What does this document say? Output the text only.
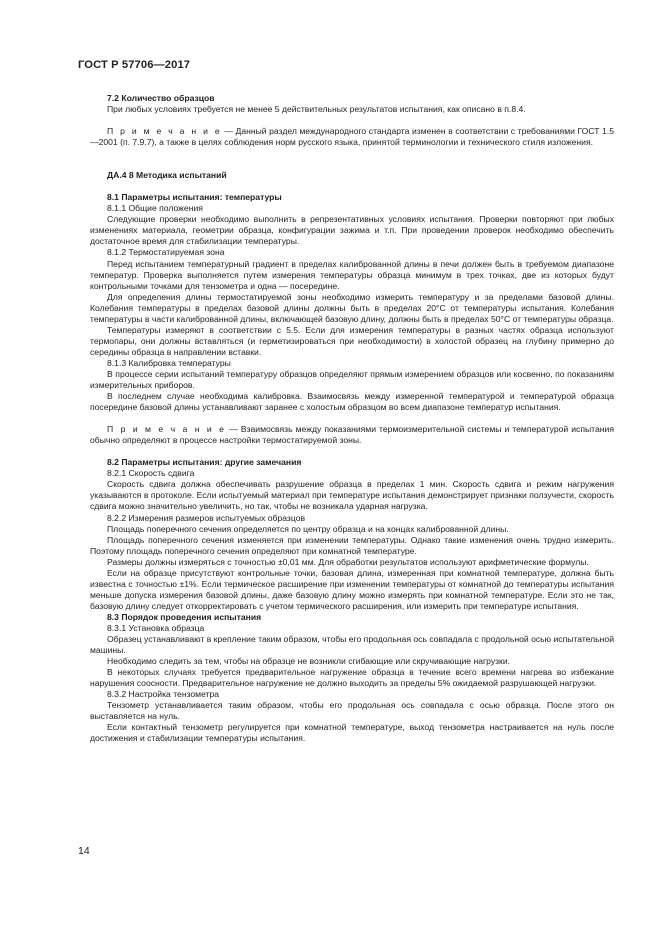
ГОСТ Р 57706—2017

7.2 Количество образцов

При любых условиях требуется не менее 5 действительных результатов испытания, как описано в п.8.4.

П р и м е ч а н и е — Данный раздел международного стандарта изменен в соответствии с требованиями ГОСТ 1.5—2001 (п. 7.9.7), а также в целях соблюдения норм русского языка, принятой терминологии и технического стиля изложения.

ДА.4 8 Методика испытаний

8.1 Параметры испытания: температуры

8.1.1 Общие положения

Следующие проверки необходимо выполнить в репрезентативных условиях испытания. Проверки повторяют при любых изменениях материала, геометрии образца, конфигурации зажима и т.п. При проведении проверок необходимо обеспечить достаточное время для стабилизации температуры.

8.1.2 Термостатируемая зона

Перед испытанием температурный градиент в пределах калиброванной длины в печи должен быть в требуемом диапазоне температур. Проверка выполняется путем измерения температуры образца минимум в трех точках, две из которых будут контрольными точками для тензометра и одна — посередине.

Для определения длины термостатируемой зоны необходимо измерить температуру и за пределами базовой длины. Колебания температуры в пределах базовой длины должны быть в пределах 20°С от температуры испытания. Колебания температуры в части калиброванной длины, включающей базовую длину, должны быть в пределах 50°С от температуры образца.

Температуры измеряют в соответствии с 5.5. Если для измерения температуры в разных частях образца используют термопары, они должны вставляться (и герметизироваться при необходимости) в холостой образец на глубину примерно до середины образца в направлении вставки.

8.1.3 Калибровка температуры

В процессе серии испытаний температуру образцов определяют прямым измерением образцов или косвенно, по показаниям измерительных приборов.

В последнем случае необходима калибровка. Взаимосвязь между измеренной температурой и температурой образца посередине базовой длины устанавливают заранее с холостым образцом во всем диапазоне температур испытания.

П р и м е ч а н и е — Взаимосвязь между показаниями термоизмерительной системы и температурой испытания обычно определяют в процессе настройки термостатируемой зоны.

8.2 Параметры испытания: другие замечания

8.2.1 Скорость сдвига

Скорость сдвига должна обеспечивать разрушение образца в пределах 1 мин. Скорость сдвига и режим нагружения указываются в протоколе. Если испытуемый материал при температуре испытания демонстрирует признаки ползучести, скорость сдвига можно значительно увеличить, но так, чтобы не возникала ударная нагрузка.

8.2.2 Измерения размеров испытуемых образцов

Площадь поперечного сечения определяется по центру образца и на концах калиброванной длины.

Площадь поперечного сечения изменяется при изменении температуры. Однако такие изменения очень трудно измерить. Поэтому площадь поперечного сечения определяют при комнатной температуре.

Размеры должны измеряться с точностью ±0,01 мм. Для обработки результатов используют арифметические формулы.

Если на образце присутствуют контрольные точки, базовая длина, измеренная при комнатной температуре, должна быть известна с точностью ±1%. Если термическое расширение при изменении температуры от комнатной до температуры испытания меньше допуска измерения базовой длины, даже базовую длину можно измерять при комнатной температуре. Если это не так, базовую длину следует откорректировать с учетом термического расширения, или измерить при температуре испытания.

8.3 Порядок проведения испытания

8.3.1 Установка образца

Образец устанавливают в крепление таким образом, чтобы его продольная ось совпадала с продольной осью испытательной машины.

Необходимо следить за тем, чтобы на образце не возникли сгибающие или скручивающие нагрузки.

В некоторых случаях требуется предварительное нагружение образца в течение всего времени нагрева во избежание нарушения соосности. Предварительное нагружение не должно выходить за пределы 5% ожидаемой разрушающей нагрузки.

8.3.2 Настройка тензометра

Тензометр устанавливается таким образом, чтобы его продольная ось совпадала с осью образца. После этого он выставляется на нуль.

Если контактный тензометр регулируется при комнатной температуре, выход тензометра настраивается на нуль после достижения и стабилизации температуры испытания.

14
